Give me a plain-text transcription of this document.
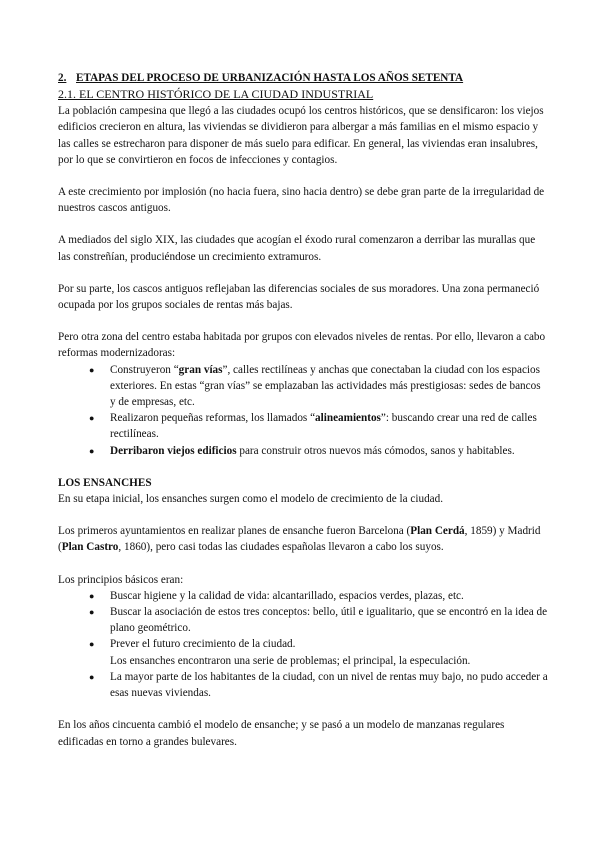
2. ETAPAS DEL PROCESO DE URBANIZACIÓN HASTA LOS AÑOS SETENTA

2.1. EL CENTRO HISTÓRICO DE LA CIUDAD INDUSTRIAL

La población campesina que llegó a las ciudades ocupó los centros históricos, que se densificaron: los viejos edificios crecieron en altura, las viviendas se dividieron para albergar a más familias en el mismo espacio y las calles se estrecharon para disponer de más suelo para edificar. En general, las viviendas eran insalubres, por lo que se convirtieron en focos de infecciones y contagios.

A este crecimiento por implosión (no hacia fuera, sino hacia dentro) se debe gran parte de la irregularidad de nuestros cascos antiguos.

A mediados del siglo XIX, las ciudades que acogían el éxodo rural comenzaron a derribar las murallas que las constreñían, produciéndose un crecimiento extramuros.

Por su parte, los cascos antiguos reflejaban las diferencias sociales de sus moradores. Una zona permaneció ocupada por los grupos sociales de rentas más bajas.

Pero otra zona del centro estaba habitada por grupos con elevados niveles de rentas. Por ello, llevaron a cabo reformas modernizadoras:

● Construyeron “gran vías”, calles rectilíneas y anchas que conectaban la ciudad con los espacios exteriores. En estas “gran vías” se emplazaban las actividades más prestigiosas: sedes de bancos y de empresas, etc.
● Realizaron pequeñas reformas, los llamados “alineamientos”: buscando crear una red de calles rectilíneas.
● Derribaron viejos edificios para construir otros nuevos más cómodos, sanos y habitables.

LOS ENSANCHES

En su etapa inicial, los ensanches surgen como el modelo de crecimiento de la ciudad.

Los primeros ayuntamientos en realizar planes de ensanche fueron Barcelona (Plan Cerdá, 1859) y Madrid (Plan Castro, 1860), pero casi todas las ciudades españolas llevaron a cabo los suyos.

Los principios básicos eran:

● Buscar higiene y la calidad de vida: alcantarillado, espacios verdes, plazas, etc.
● Buscar la asociación de estos tres conceptos: bello, útil e igualitario, que se encontró en la idea de plano geométrico.
● Prever el futuro crecimiento de la ciudad.
Los ensanches encontraron una serie de problemas; el principal, la especulación.
● La mayor parte de los habitantes de la ciudad, con un nivel de rentas muy bajo, no pudo acceder a esas nuevas viviendas.

En los años cincuenta cambió el modelo de ensanche; y se pasó a un modelo de manzanas regulares edificadas en torno a grandes bulevares.
